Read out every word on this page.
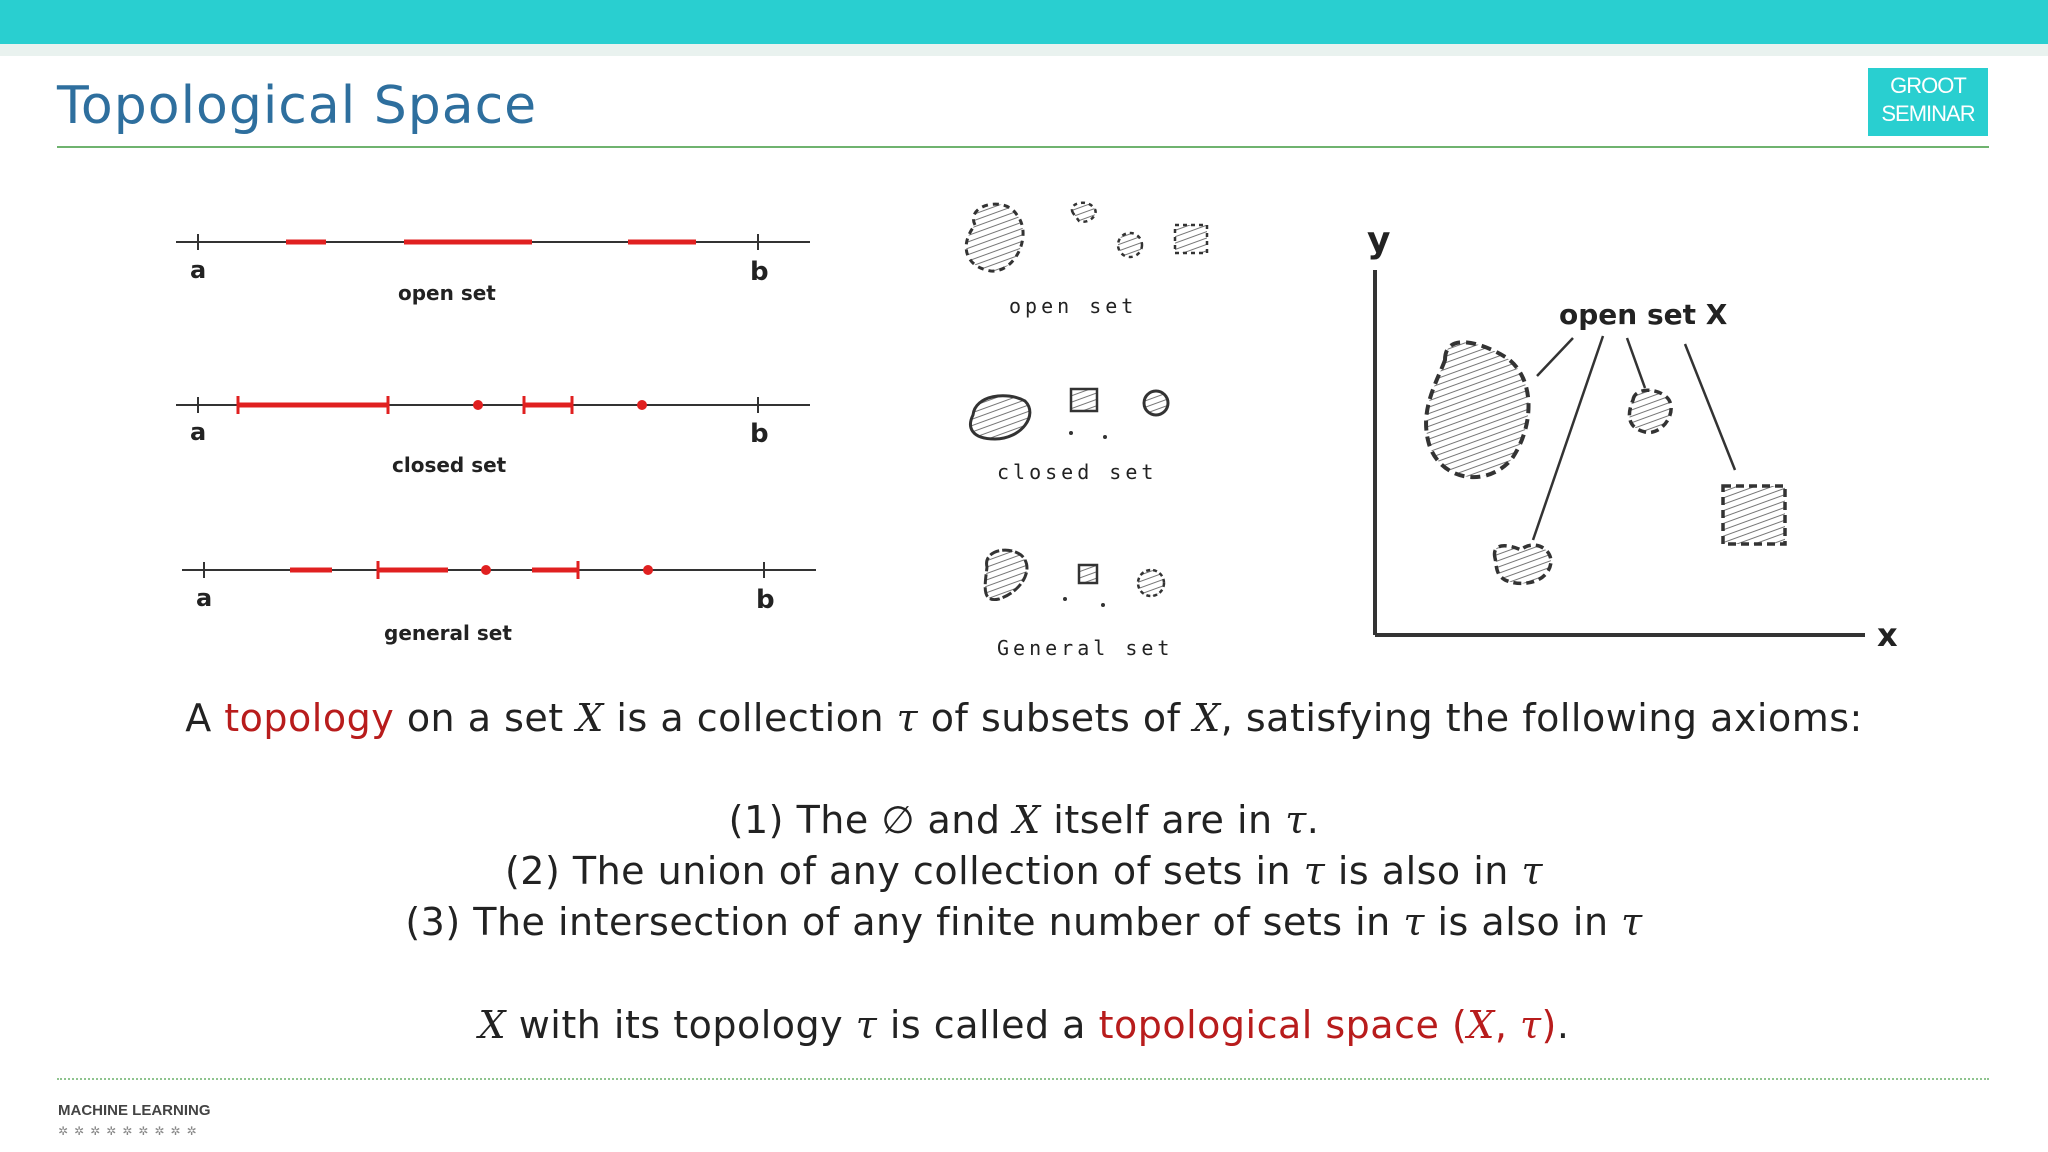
Topological Space	GROOT
SEMINAR
a	b
open set
a	b
closed set
a	b
general set
open set
closed set
General set
y
x
open set X
A topology on a set X is a collection τ of subsets of X, satisfying the following axioms:
(1) The ∅ and X itself are in τ.
(2) The union of any collection of sets in τ is also in τ
(3) The intersection of any finite number of sets in τ is also in τ
X with its topology τ is called a topological space (X, τ).
MACHINE LEARNING
✲✲✲✲✲✲✲✲✲
